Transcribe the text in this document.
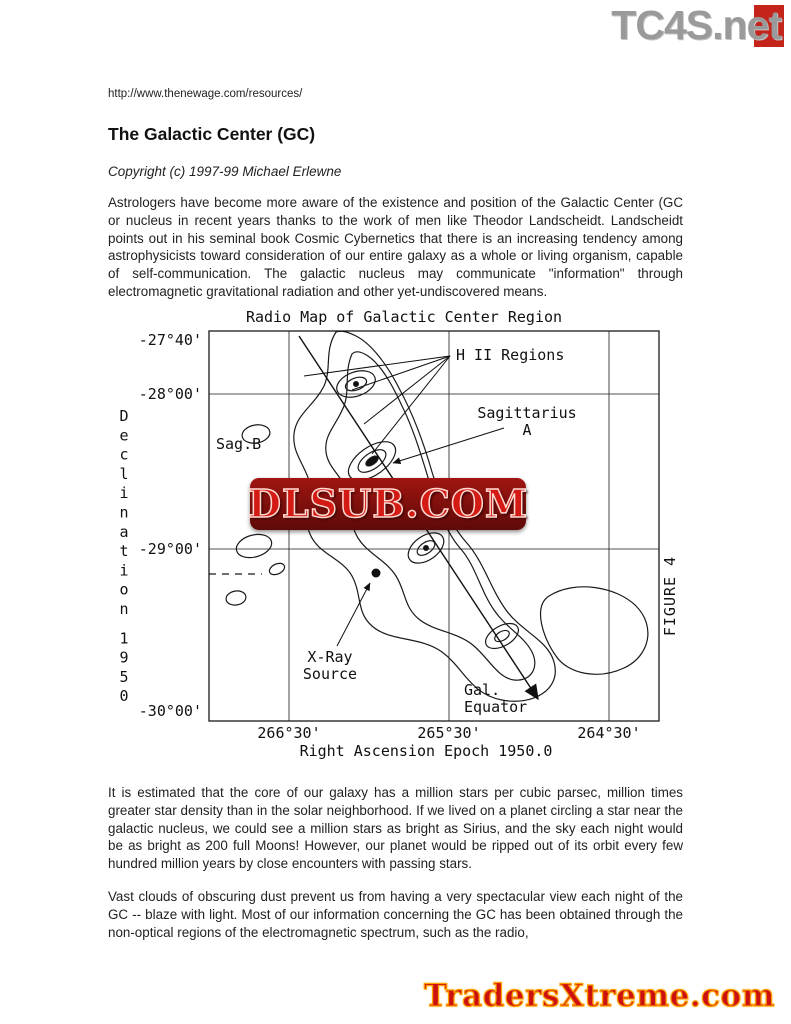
TC4S.net
http://www.thenewage.com/resources/
The Galactic Center (GC)
Copyright (c) 1997-99 Michael Erlewne

Astrologers have become more aware of the existence and position of the Galactic Center (GC or nucleus in recent years thanks to the work of men like Theodor Landscheidt. Landscheidt points out in his seminal book Cosmic Cybernetics that there is an increasing tendency among astrophysicists toward consideration of our entire galaxy as a whole or living organism, capable of self-communication. The galactic nucleus may communicate "information" through electromagnetic gravitational radiation and other yet-undiscovered means.

Radio Map of Galactic Center Region
-27°40'
-28°00'
-29°00'
-30°00'
266°30'	265°30'	264°30'
Right Ascension Epoch 1950.0
H II Regions
Sagittarius
A
Sag.B
X-Ray
Source
Gal.
Equator
FIGURE 4
D
e
c
l
i
n
a
t
i
o
n
1
9
5
0
DLSUB.COM

It is estimated that the core of our galaxy has a million stars per cubic parsec, million times greater star density than in the solar neighborhood. If we lived on a planet circling a star near the galactic nucleus, we could see a million stars as bright as Sirius, and the sky each night would be as bright as 200 full Moons! However, our planet would be ripped out of its orbit every few hundred million years by close encounters with passing stars.

Vast clouds of obscuring dust prevent us from having a very spectacular view each night of the GC -- blaze with light. Most of our information concerning the GC has been obtained through the non-optical regions of the electromagnetic spectrum, such as the radio,

TradersXtreme.com
